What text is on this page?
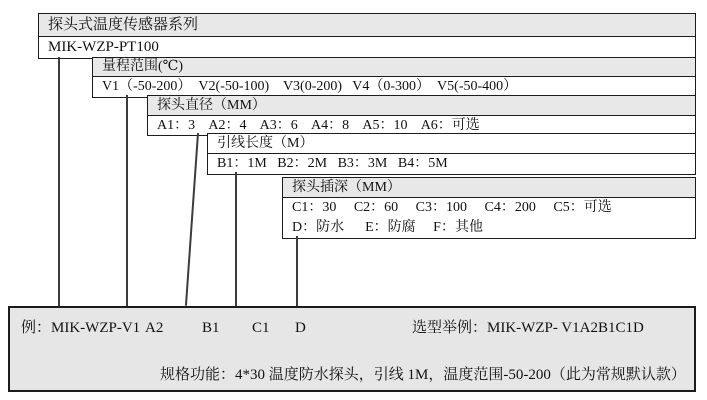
探头式温度传感器系列
MIK-WZP-PT100
量程范围(℃)
V1（-50-200）  V2(-50-100)    V3(0-200)   V4（0-300）  V5(-50-400）
探头直径（MM）
A1：3    A2：4    A3：6    A4：8    A5：10    A6：可选
引线长度（M）
B1：1M   B2：2M   B3：3M   B4：5M
探头插深（MM）
C1：30     C2：60     C3：100     C4：200     C5：可选
D：防水      E：防腐     F：其他
例：MIK-WZP-V1 A2	B1 C1 D	选型举例：MIK-WZP- V1A2B1C1D
规格功能：4*30 温度防水探头，引线 1M，温度范围-50-200（此为常规默认款）
